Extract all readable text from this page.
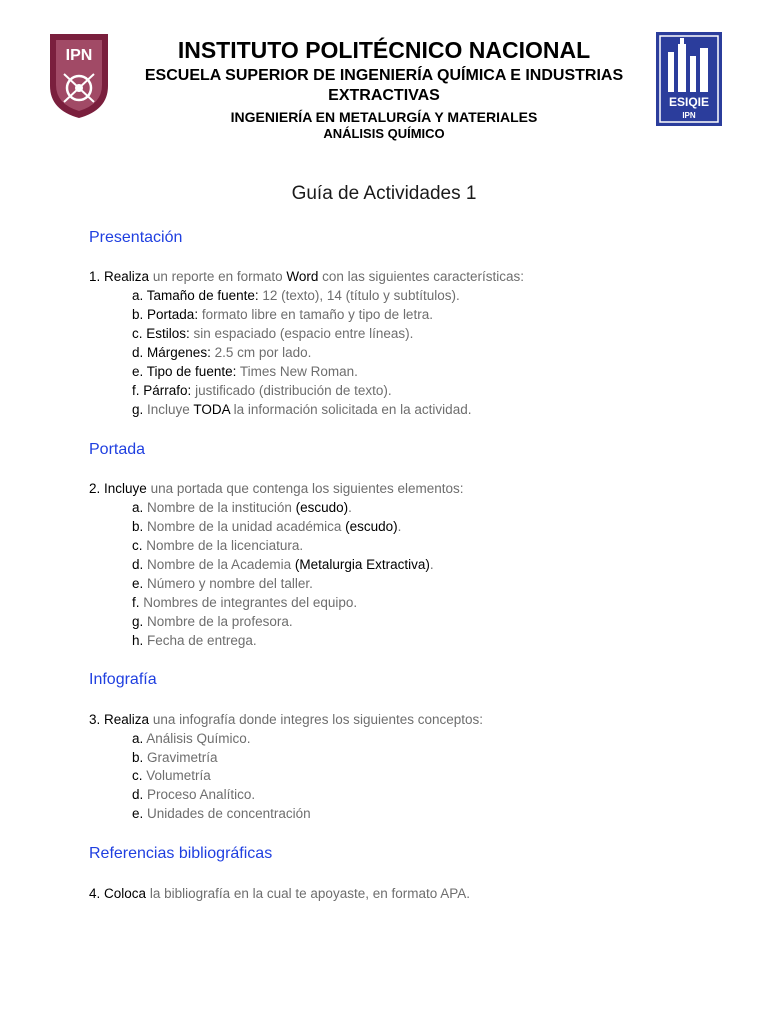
IPN
ESIQIE
IPN
INSTITUTO POLITÉCNICO NACIONAL
ESCUELA SUPERIOR DE INGENIERÍA QUÍMICA E INDUSTRIAS
EXTRACTIVAS
INGENIERÍA EN METALURGÍA Y MATERIALES
ANÁLISIS QUÍMICO
Guía de Actividades 1
Presentación
1. Realiza un reporte en formato Word con las siguientes características:
a. Tamaño de fuente: 12 (texto), 14 (título y subtítulos).
b. Portada: formato libre en tamaño y tipo de letra.
c. Estilos: sin espaciado (espacio entre líneas).
d. Márgenes: 2.5 cm por lado.
e. Tipo de fuente: Times New Roman.
f. Párrafo: justificado (distribución de texto).
g. Incluye TODA la información solicitada en la actividad.
Portada
2. Incluye una portada que contenga los siguientes elementos:
a. Nombre de la institución (escudo).
b. Nombre de la unidad académica (escudo).
c. Nombre de la licenciatura.
d. Nombre de la Academia (Metalurgia Extractiva).
e. Número y nombre del taller.
f. Nombres de integrantes del equipo.
g. Nombre de la profesora.
h. Fecha de entrega.
Infografía
3. Realiza una infografía donde integres los siguientes conceptos:
a. Análisis Químico.
b. Gravimetría
c. Volumetría
d. Proceso Analítico.
e. Unidades de concentración
Referencias bibliográficas
4. Coloca la bibliografía en la cual te apoyaste, en formato APA.
